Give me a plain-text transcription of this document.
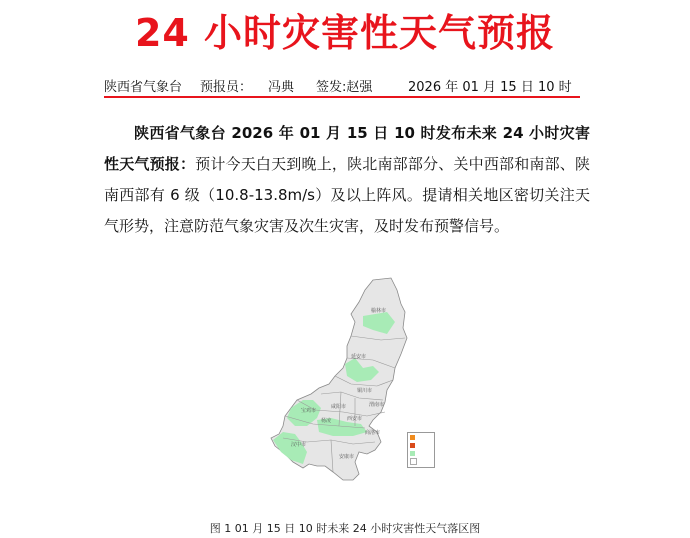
24 小时灾害性天气预报
陕西省气象台 预报员： 冯典 签发:赵强	2026 年 01 月 15 日 10 时
陕西省气象台 2026 年 01 月 15 日 10 时发布未来 24 小时灾害性天气预报：预计今天白天到晚上，陕北南部部分、关中西部和南部、陕南西部有 6 级（10.8-13.8m/s）及以上阵风。提请相关地区密切关注天气形势，注意防范气象灾害及次生灾害，及时发布预警信号。
榆林市
延安市
铜川市
宝鸡市
咸阳市	渭南市
西安市
杨凌
汉中市
安康市
商洛市
图 1 01 月 15 日 10 时未来 24 小时灾害性天气落区图
